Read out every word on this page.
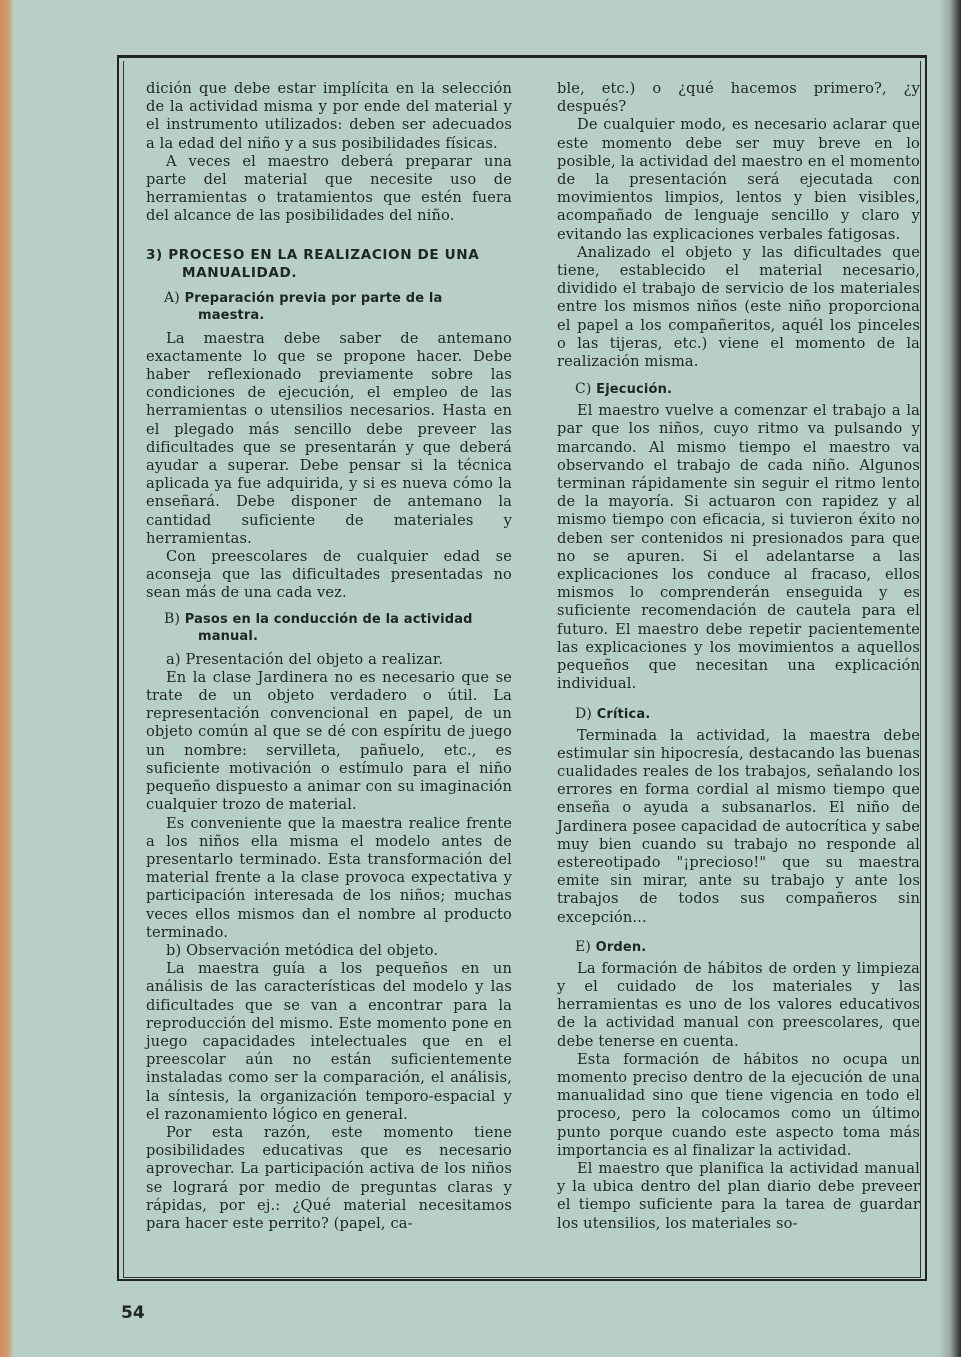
dición que debe estar implícita en la selección de la actividad misma y por ende del material y el instrumento utilizados: deben ser adecuados a la edad del niño y a sus posibilidades físicas.

A veces el maestro deberá preparar una parte del material que necesite uso de herramientas o tratamientos que estén fuera del alcance de las posibilidades del niño.

3) PROCESO EN LA REALIZACION DE UNA MANUALIDAD.
A) Preparación previa por parte de la maestra.

La maestra debe saber de antemano exactamente lo que se propone hacer. Debe haber reflexionado previamente sobre las condiciones de ejecución, el empleo de las herramientas o utensilios necesarios. Hasta en el plegado más sencillo debe preveer las dificultades que se presentarán y que deberá ayudar a superar. Debe pensar si la técnica aplicada ya fue adquirida, y si es nueva cómo la enseñará. Debe disponer de antemano la cantidad suficiente de materiales y herramientas.

Con preescolares de cualquier edad se aconseja que las dificultades presentadas no sean más de una cada vez.

B) Pasos en la conducción de la actividad manual.

a) Presentación del objeto a realizar.

En la clase Jardinera no es necesario que se trate de un objeto verdadero o útil. La representación convencional en papel, de un objeto común al que se dé con espíritu de juego un nombre: servilleta, pañuelo, etc., es suficiente motivación o estímulo para el niño pequeño dispuesto a animar con su imaginación cualquier trozo de material.

Es conveniente que la maestra realice frente a los niños ella misma el modelo antes de presentarlo terminado. Esta transformación del material frente a la clase provoca expectativa y participación interesada de los niños; muchas veces ellos mismos dan el nombre al producto terminado.

b) Observación metódica del objeto.

La maestra guía a los pequeños en un análisis de las características del modelo y las dificultades que se van a encontrar para la reproducción del mismo. Este momento pone en juego capacidades intelectuales que en el preescolar aún no están suficientemente instaladas como ser la comparación, el análisis, la síntesis, la organización temporo-espacial y el razonamiento lógico en general.

Por esta razón, este momento tiene posibilidades educativas que es necesario aprovechar. La participación activa de los niños se logrará por medio de preguntas claras y rápidas, por ej.: ¿Qué material necesitamos para hacer este perrito? (papel, ca-

ble, etc.) o ¿qué hacemos primero?, ¿y después?

De cualquier modo, es necesario aclarar que este momento debe ser muy breve en lo posible, la actividad del maestro en el momento de la presentación será ejecutada con movimientos limpios, lentos y bien visibles, acompañado de lenguaje sencillo y claro y evitando las explicaciones verbales fatigosas.

Analizado el objeto y las dificultades que tiene, establecido el material necesario, dividido el trabajo de servicio de los materiales entre los mismos niños (este niño proporciona el papel a los compañeritos, aquél los pinceles o las tijeras, etc.) viene el momento de la realización misma.

C) Ejecución.

El maestro vuelve a comenzar el trabajo a la par que los niños, cuyo ritmo va pulsando y marcando. Al mismo tiempo el maestro va observando el trabajo de cada niño. Algunos terminan rápidamente sin seguir el ritmo lento de la mayoría. Si actuaron con rapidez y al mismo tiempo con eficacia, si tuvieron éxito no deben ser contenidos ni presionados para que no se apuren. Si el adelantarse a las explicaciones los conduce al fracaso, ellos mismos lo comprenderán enseguida y es suficiente recomendación de cautela para el futuro. El maestro debe repetir pacientemente las explicaciones y los movimientos a aquellos pequeños que necesitan una explicación individual.

D) Crítica.

Terminada la actividad, la maestra debe estimular sin hipocresía, destacando las buenas cualidades reales de los trabajos, señalando los errores en forma cordial al mismo tiempo que enseña o ayuda a subsanarlos. El niño de Jardinera posee capacidad de autocrítica y sabe muy bien cuando su trabajo no responde al estereotipado "¡precioso!" que su maestra emite sin mirar, ante su trabajo y ante los trabajos de todos sus compañeros sin excepción...

E) Orden.

La formación de hábitos de orden y limpieza y el cuidado de los materiales y las herramientas es uno de los valores educativos de la actividad manual con preescolares, que debe tenerse en cuenta.

Esta formación de hábitos no ocupa un momento preciso dentro de la ejecución de una manualidad sino que tiene vigencia en todo el proceso, pero la colocamos como un último punto porque cuando este aspecto toma más importancia es al finalizar la actividad.

El maestro que planifica la actividad manual y la ubica dentro del plan diario debe preveer el tiempo suficiente para la tarea de guardar los utensilios, los materiales so-

54
